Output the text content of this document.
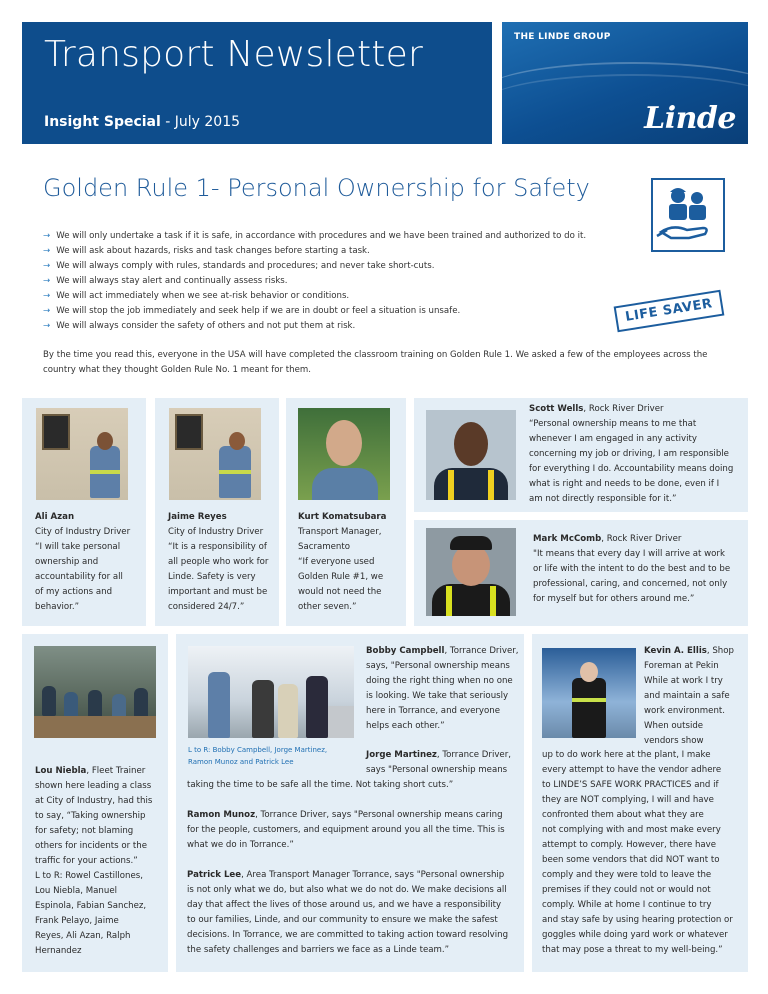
Transport Newsletter
Insight Special - July 2015
THE LINDE GROUP
Linde
Golden Rule 1- Personal Ownership for Safety
→ We will only undertake a task if it is safe, in accordance with procedures and we have been trained and authorized to do it.
→ We will ask about hazards, risks and task changes before starting a task.
→ We will always comply with rules, standards and procedures; and never take short-cuts.
→ We will always stay alert and continually assess risks.
→ We will act immediately when we see at-risk behavior or conditions.
→ We will stop the job immediately and seek help if we are in doubt or feel a situation is unsafe.
→ We will always consider the safety of others and not put them at risk.
LIFE SAVER
By the time you read this, everyone in the USA will have completed the classroom training on Golden Rule 1. We asked a few of the employees across the country what they thought Golden Rule No. 1 meant for them.
Ali Azan
City of Industry Driver
“I will take personal
ownership and
accountability for all
of my actions and
behavior.”
Jaime Reyes
City of Industry Driver
“It is a responsibility of
all people who work for
Linde. Safety is very
important and must be
considered 24/7.”
Kurt Komatsubara
Transport Manager,
Sacramento
“If everyone used
Golden Rule #1, we
would not need the
other seven.”
Scott Wells, Rock River Driver
“Personal ownership means to me that
whenever I am engaged in any activity
concerning my job or driving, I am responsible
for everything I do. Accountability means doing
what is right and needs to be done, even if I
am not directly responsible for it.”
Mark McComb, Rock River Driver
"It means that every day I will arrive at work
or life with the intent to do the best and to be
professional, caring, and concerned, not only
for myself but for others around me.”
Lou Niebla, Fleet Trainer
shown here leading a class
at City of Industry, had this
to say, “Taking ownership
for safety; not blaming
others for incidents or the
traffic for your actions.”
L to R: Rowel Castillones,
Lou Niebla, Manuel
Espinola, Fabian Sanchez,
Frank Pelayo, Jaime
Reyes, Ali Azan, Ralph
Hernandez
L to R: Bobby Campbell, Jorge Martinez,
Ramon Munoz and Patrick Lee
Bobby Campbell, Torrance Driver,
says, "Personal ownership means
doing the right thing when no one
is looking. We take that seriously
here in Torrance, and everyone
helps each other.”
Jorge Martinez, Torrance Driver,
says "Personal ownership means
taking the time to be safe all the time. Not taking short cuts.”
Ramon Munoz, Torrance Driver, says "Personal ownership means caring
for the people, customers, and equipment around you all the time. This is
what we do in Torrance.”
Patrick Lee, Area Transport Manager Torrance, says "Personal ownership
is not only what we do, but also what we do not do. We make decisions all
day that affect the lives of those around us, and we have a responsibility
to our families, Linde, and our community to ensure we make the safest
decisions. In Torrance, we are committed to taking action toward resolving
the safety challenges and barriers we face as a Linde team.”
Kevin A. Ellis, Shop
Foreman at Pekin
While at work I try
and maintain a safe
work environment.
When outside
vendors show
up to do work here at the plant, I make
every attempt to have the vendor adhere
to LINDE’S SAFE WORK PRACTICES and if
they are NOT complying, I will and have
confronted them about what they are
not complying with and most make every
attempt to comply. However, there have
been some vendors that did NOT want to
comply and they were told to leave the
premises if they could not or would not
comply. While at home I continue to try
and stay safe by using hearing protection or
goggles while doing yard work or whatever
that may pose a threat to my well-being.”
